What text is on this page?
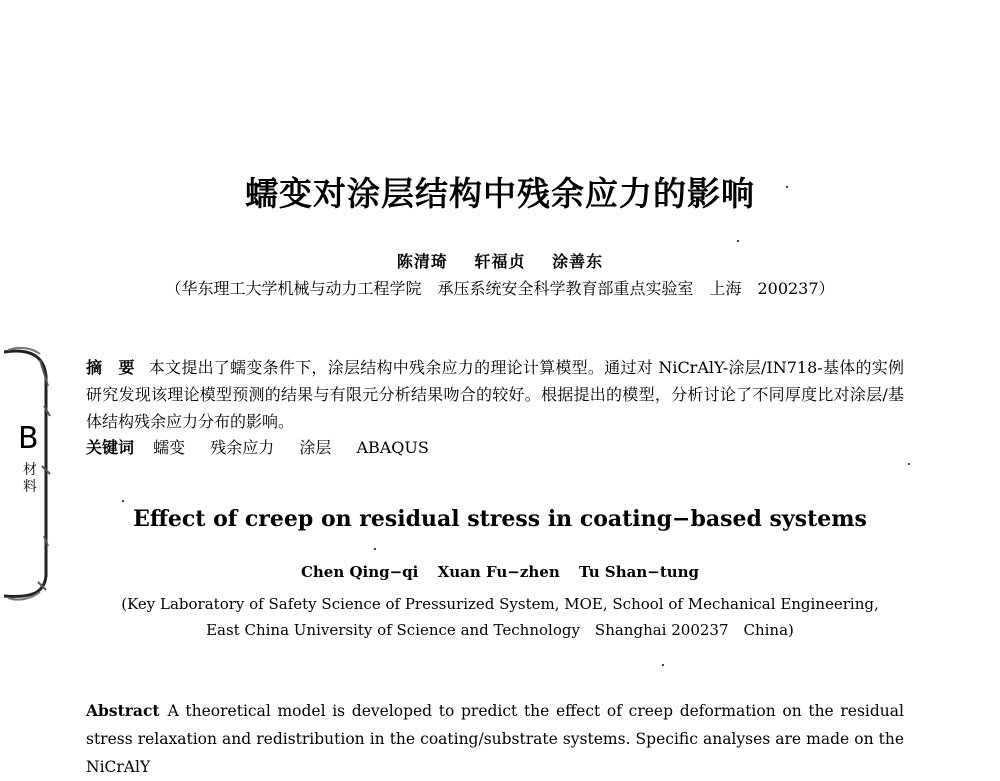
B
材料
蠕变对涂层结构中残余应力的影响
陈清琦 轩福贞 涂善东
（华东理工大学机械与动力工程学院　承压系统安全科学教育部重点实验室　上海　200237）
摘　要 本文提出了蠕变条件下，涂层结构中残余应力的理论计算模型。通过对 NiCrAlY-涂层/IN718-基体的实例研究发现该理论模型预测的结果与有限元分析结果吻合的较好。根据提出的模型，分析讨论了不同厚度比对涂层/基体结构残余应力分布的影响。
关键词 蠕变 残余应力 涂层 ABAQUS
Effect of creep on residual stress in coating−based systems
Chen Qing−qi Xuan Fu−zhen Tu Shan−tung
(Key Laboratory of Safety Science of Pressurized System, MOE, School of Mechanical Engineering,
East China University of Science and Technology　Shanghai 200237　China)
Abstract A theoretical model is developed to predict the effect of creep deformation on the residual stress relaxation and redistribution in the coating/substrate systems. Specific analyses are made on the NiCrAlY
